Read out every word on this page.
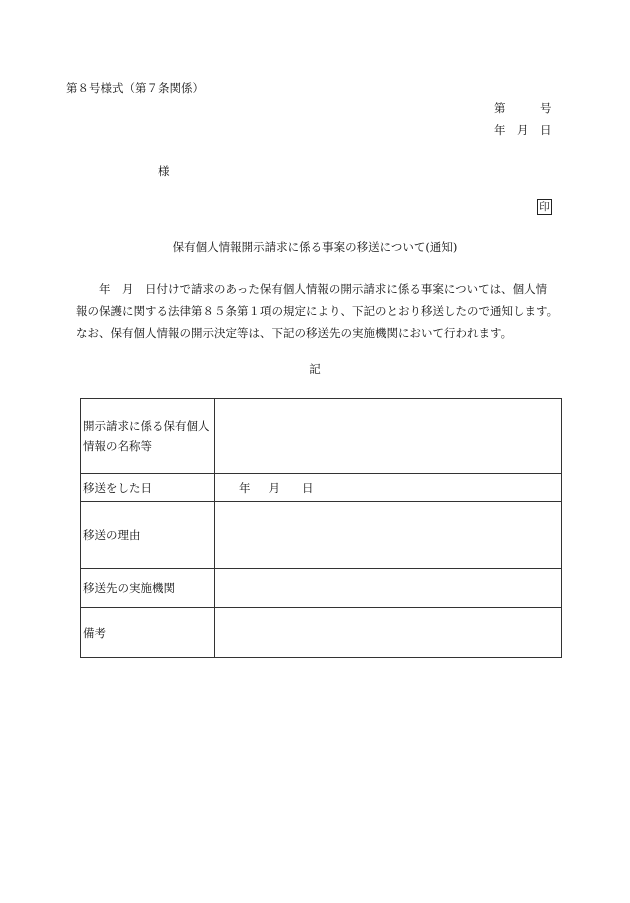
第８号様式（第７条関係）
第　　　号
年　月　日
様
印
保有個人情報開示請求に係る事案の移送について(通知)
　　年　月　日付けで請求のあった保有個人情報の開示請求に係る事案については、個人情
報の保護に関する法律第８５条第１項の規定により、下記のとおり移送したので通知します。
なお、保有個人情報の開示決定等は、下記の移送先の実施機関において行われます。
記
開示請求に係る保有個人
情報の名称等	

移送をした日	年 月 日
移送の理由	
移送先の実施機関	
備考	
